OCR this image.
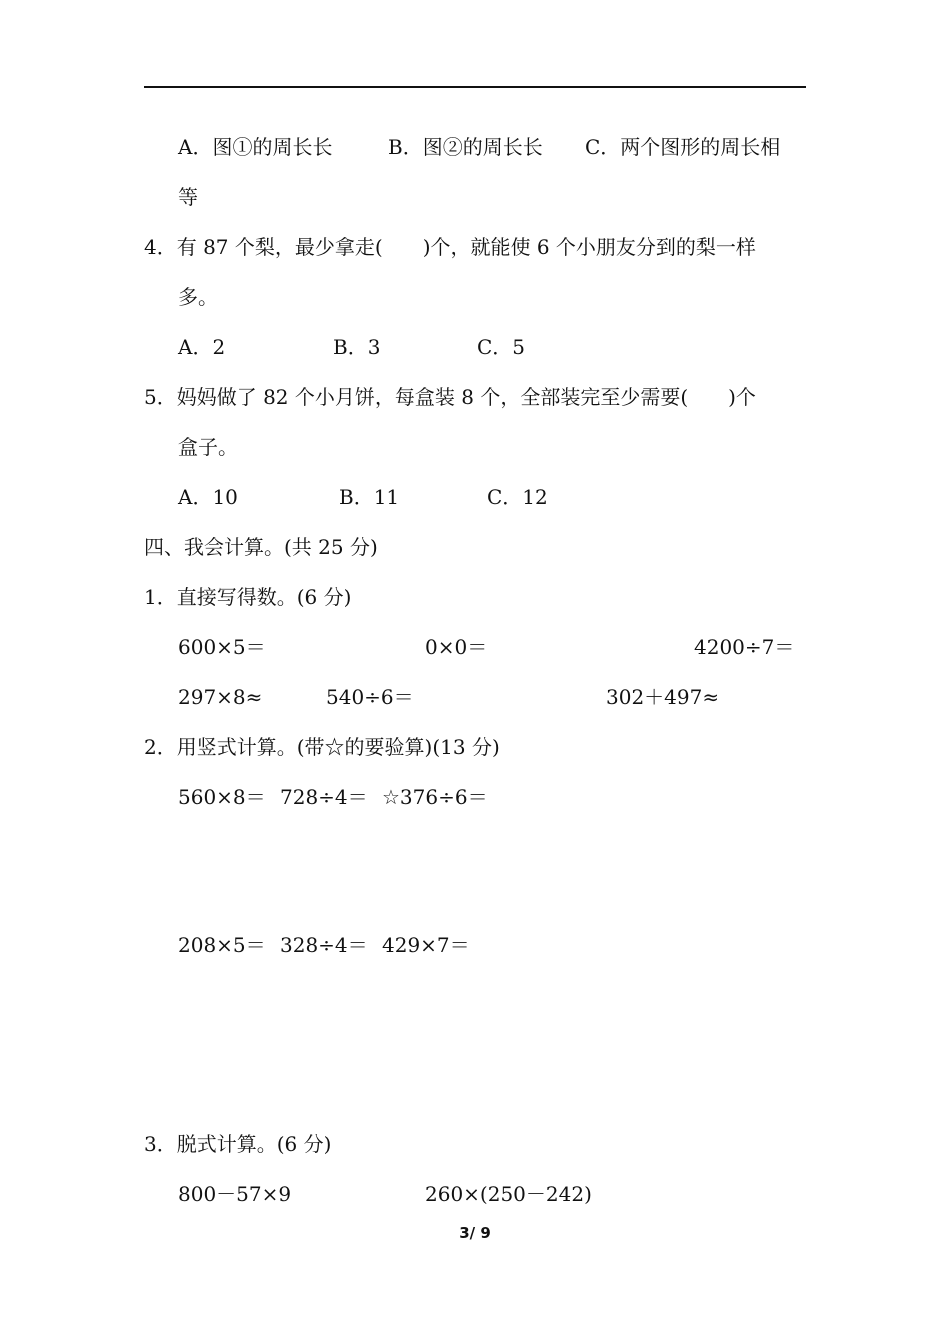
A．图①的周长长	B．图②的周长长 C．两个图形的周长相
等
4．有 87 个梨，最少拿走(　　)个，就能使 6 个小朋友分到的梨一样
多。
A．2	B．3	C．5
5．妈妈做了 82 个小月饼，每盒装 8 个，全部装完至少需要(　　)个
盒子。
A．10	B．11	C．12
四、我会计算。(共 25 分)
1．直接写得数。(6 分)
600×5＝	0×0＝	4200÷7＝
297×8≈	540÷6＝	302＋497≈
2．用竖式计算。(带☆的要验算)(13 分)
560×8＝ 728÷4＝ ☆376÷6＝
208×5＝ 328÷4＝ 429×7＝
3．脱式计算。(6 分)
800－57×9	260×(250－242)
3/ 9
